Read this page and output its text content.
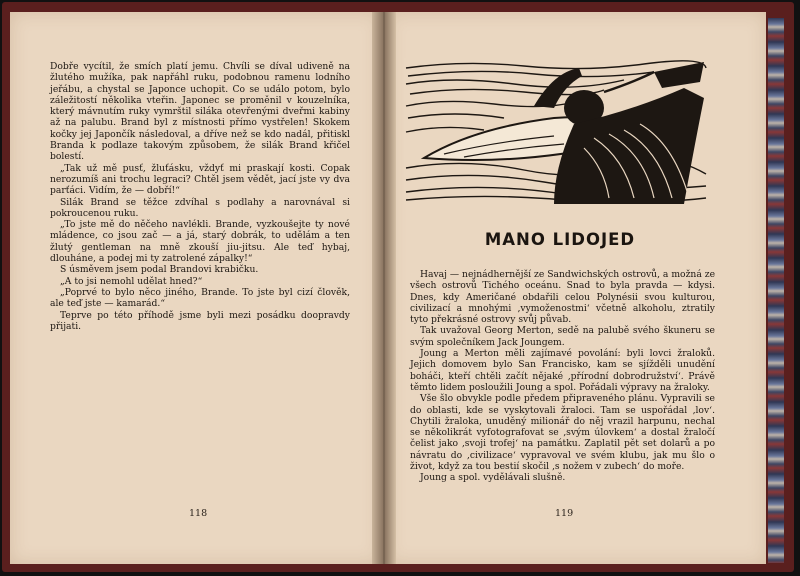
Dobře vycítil, že smích platí jemu. Chvíli se díval udiveně na žlutého mužíka, pak napřáhl ruku, podobnou ramenu lodního jeřábu, a chystal se Japonce uchopit. Co se událo potom, bylo záležitostí několika vteřin. Japonec se proměnil v kouzelníka, který mávnutím ruky vymrštil siláka otevřenými dveřmi kabiny až na palubu. Brand byl z místnosti přímo vystřelen! Skokem kočky jej Japončík následoval, a dříve než se kdo nadál, přitiskl Branda k podlaze takovým způsobem, že silák Brand křičel bolestí.

„Tak už mě pusť, žluťásku, vždyť mi praskají kosti. Copak nerozumíš ani trochu legraci? Chtěl jsem vědět, jací jste vy dva parťáci. Vidím, že — dobří!“

Silák Brand se těžce zdvíhal s podlahy a narovnával si pokroucenou ruku.

„To jste mě do něčeho navlékli. Brande, vyzkoušejte ty nové mládence, co jsou zač — a já, starý dobrák, to udělám a ten žlutý gentleman na mně zkouší jiu-jitsu. Ale teď hybaj, dlouháne, a podej mi ty zatrolené zápalky!“

S úsměvem jsem podal Brandovi krabičku.

„A to jsi nemohl udělat hned?“

„Poprvé to bylo něco jiného, Brande. To jste byl cizí člověk, ale teď jste — kamarád.“

Teprve po této příhodě jsme byli mezi posádku doopravdy přijati.

118
MANO LIDOJED

Havaj — nejnádhernější ze Sandwichských ostrovů, a možná ze všech ostrovů Tichého oceánu. Snad to byla pravda — kdysi. Dnes, kdy Američané obdařili celou Polynésii svou kulturou, civilizací a mnohými ‚vymoženostmi‘ včetně alkoholu, ztratily tyto překrásné ostrovy svůj půvab.

Tak uvažoval Georg Merton, sedě na palubě svého škuneru se svým společníkem Jack Joungem.

Joung a Merton měli zajímavé povolání: byli lovci žraloků. Jejich domovem bylo San Francisko, kam se sjížděli unudění boháči, kteří chtěli začít nějaké ‚přírodní dobrodružství‘. Právě těmto lidem posloužili Joung a spol. Pořádali výpravy na žraloky.

Vše šlo obvykle podle předem připraveného plánu. Vypravili se do oblasti, kde se vyskytovali žraloci. Tam se uspořádal ‚lov‘. Chytili žraloka, unuděný milionář do něj vrazil harpunu, nechal se několikrát vyfotografovat se ‚svým úlovkem‘ a dostal žraločí čelist jako ‚svoji trofej‘ na památku. Zaplatil pět set dolarů a po návratu do ‚civilizace‘ vypravoval ve svém klubu, jak mu šlo o život, když za tou bestií skočil ‚s nožem v zubech‘ do moře.

Joung a spol. vydělávali slušně.

119
